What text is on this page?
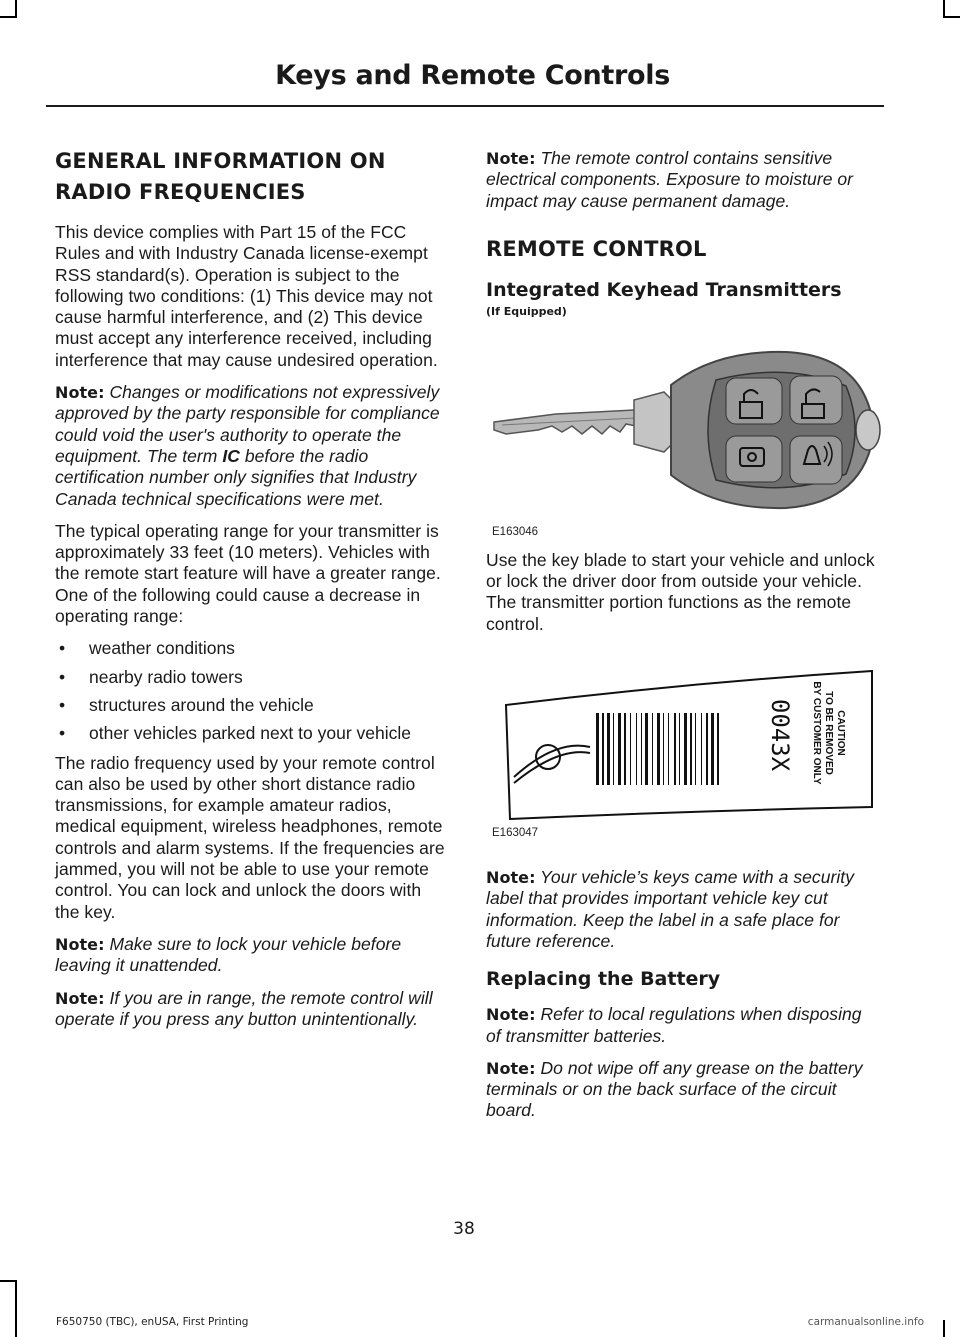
Keys and Remote Controls
GENERAL INFORMATION ON
RADIO FREQUENCIES

This device complies with Part 15 of the FCC Rules and with Industry Canada license-exempt RSS standard(s). Operation is subject to the following two conditions: (1) This device may not cause harmful interference, and (2) This device must accept any interference received, including interference that may cause undesired operation.

Note: Changes or modifications not expressively approved by the party responsible for compliance could void the user's authority to operate the equipment. The term IC before the radio certification number only signifies that Industry Canada technical specifications were met.

The typical operating range for your transmitter is approximately 33 feet (10 meters). Vehicles with the remote start feature will have a greater range. One of the following could cause a decrease in operating range:

• weather conditions
• nearby radio towers
• structures around the vehicle
• other vehicles parked next to your vehicle

The radio frequency used by your remote control can also be used by other short distance radio transmissions, for example amateur radios, medical equipment, wireless headphones, remote controls and alarm systems. If the frequencies are jammed, you will not be able to use your remote control. You can lock and unlock the doors with the key.

Note: Make sure to lock your vehicle before leaving it unattended.

Note: If you are in range, the remote control will operate if you press any button unintentionally.

Note: The remote control contains sensitive electrical components. Exposure to moisture or impact may cause permanent damage.

REMOTE CONTROL
Integrated Keyhead Transmitters
(If Equipped)
E163046

Use the key blade to start your vehicle and unlock or lock the driver door from outside your vehicle. The transmitter portion functions as the remote control.

0043X	CAUTION
TO BE REMOVED
BY CUSTOMER ONLY
E163047

Note: Your vehicle’s keys came with a security label that provides important vehicle key cut information. Keep the label in a safe place for future reference.

Replacing the Battery

Note: Refer to local regulations when disposing of transmitter batteries.

Note: Do not wipe off any grease on the battery terminals or on the back surface of the circuit board.

38
F650750 (TBC), enUSA, First Printing	carmanualsonline.info
